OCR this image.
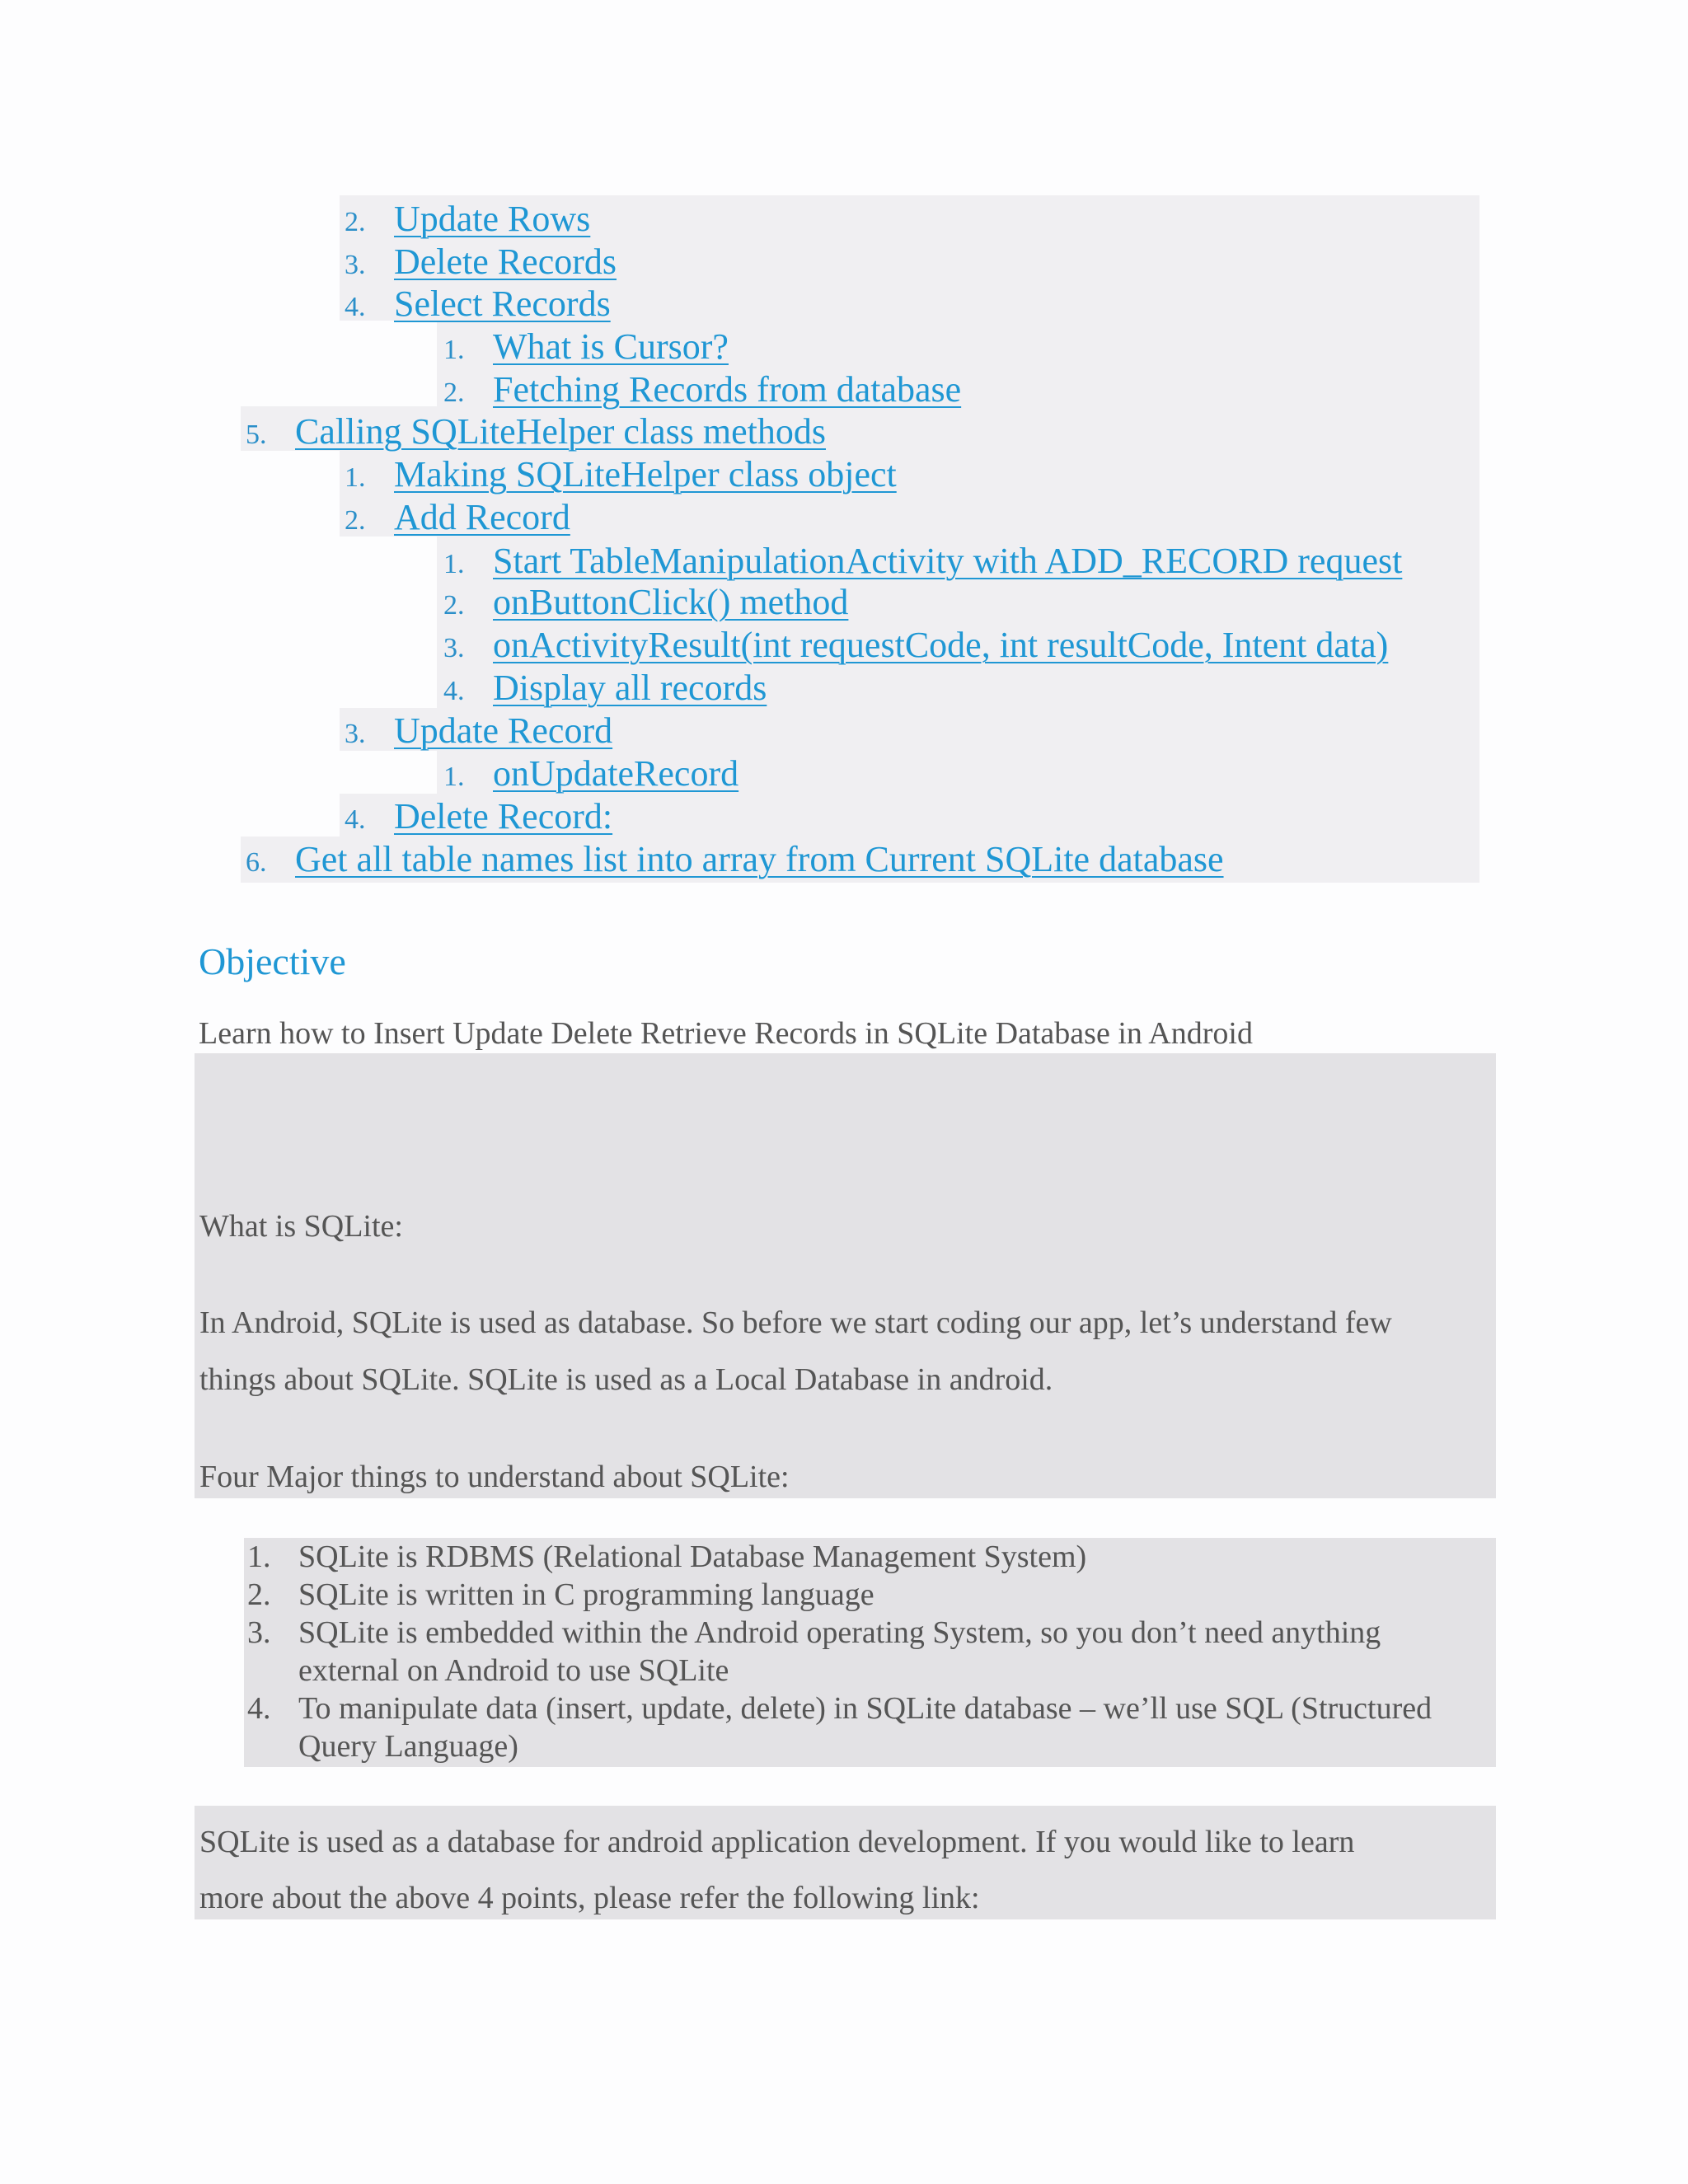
2. Update Rows
3. Delete Records
4. Select Records
1. What is Cursor?
2. Fetching Records from database
5. Calling SQLiteHelper class methods
1. Making SQLiteHelper class object
2. Add Record
1. Start TableManipulationActivity with ADD_RECORD request
2. onButtonClick() method
3. onActivityResult(int requestCode, int resultCode, Intent data)
4. Display all records
3. Update Record
1. onUpdateRecord
4. Delete Record:
6. Get all table names list into array from Current SQLite database
Objective
Learn how to Insert Update Delete Retrieve Records in SQLite Database in Android
What is SQLite:
In Android, SQLite is used as database. So before we start coding our app, let’s understand few
things about SQLite. SQLite is used as a Local Database in android.
Four Major things to understand about SQLite:
1. SQLite is RDBMS (Relational Database Management System)
2. SQLite is written in C programming language
3. SQLite is embedded within the Android operating System, so you don’t need anything external on Android to use SQLite
4. To manipulate data (insert, update, delete) in SQLite database – we’ll use SQL (Structured Query Language)
SQLite is used as a database for android application development. If you would like to learn
more about the above 4 points, please refer the following link:
